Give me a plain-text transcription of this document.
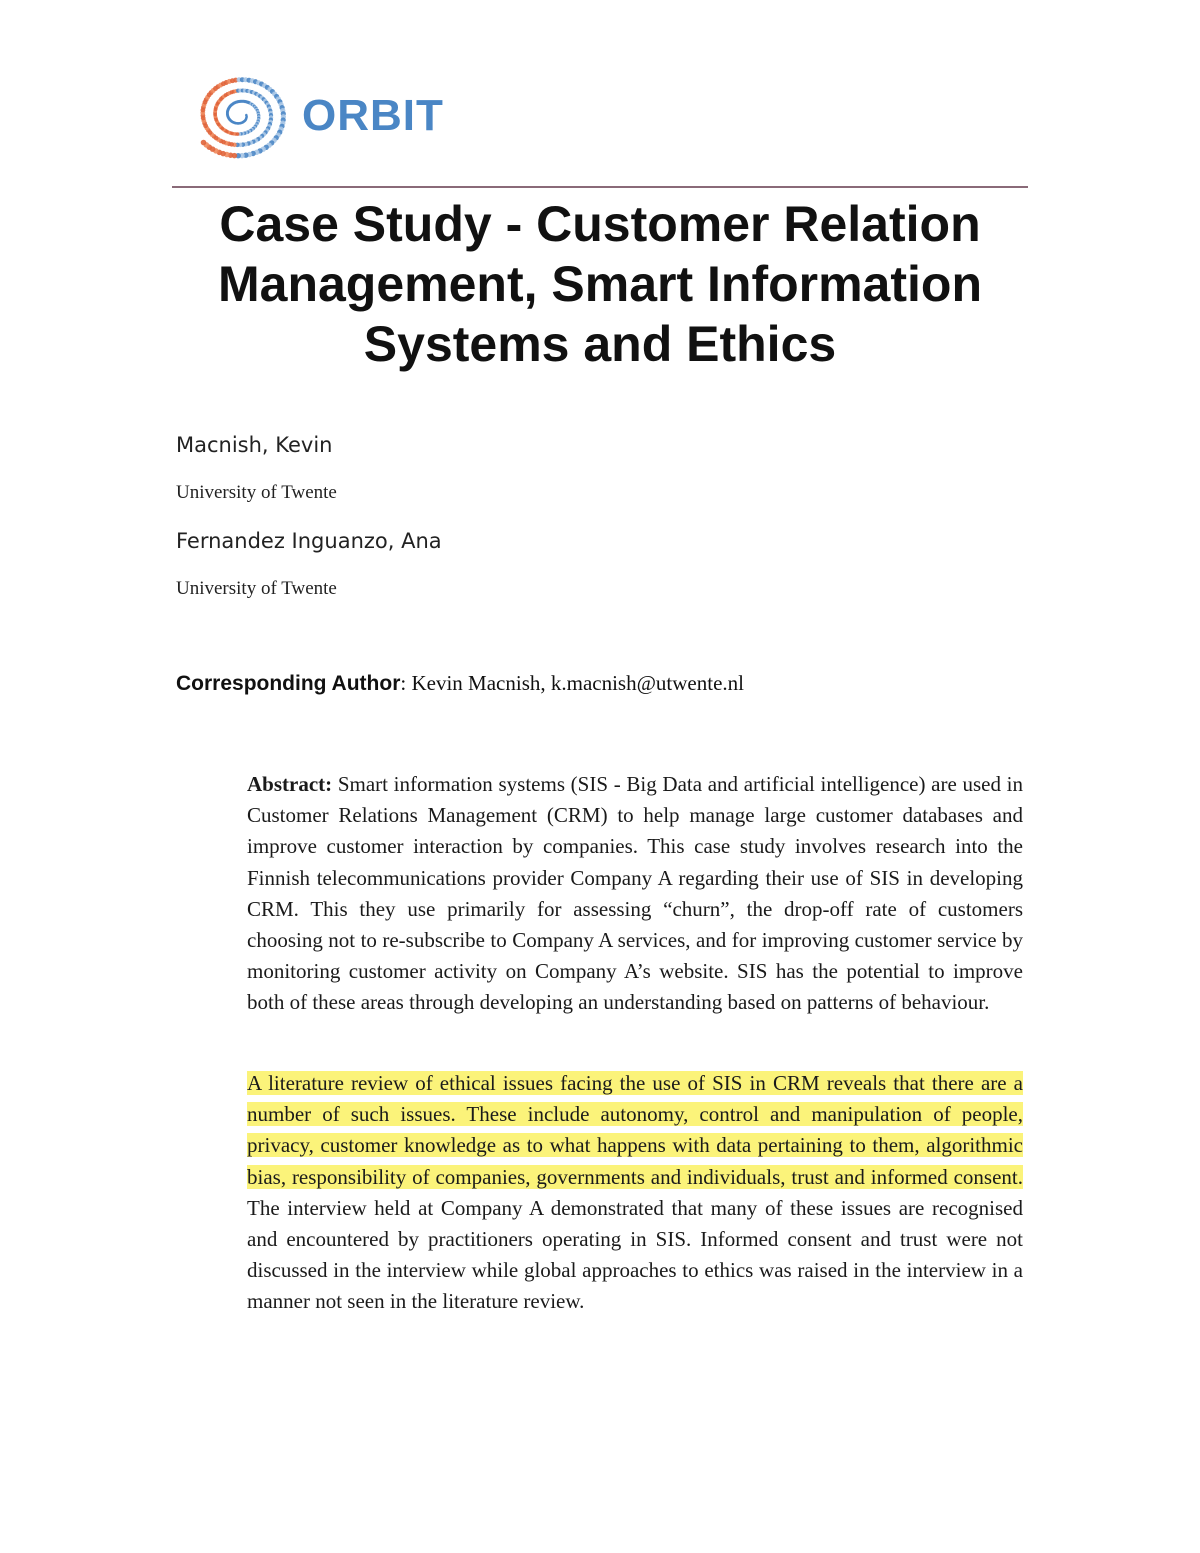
ORBIT
Case Study - Customer Relation Management, Smart Information Systems and Ethics
Macnish, Kevin
University of Twente
Fernandez Inguanzo, Ana
University of Twente
Corresponding Author: Kevin Macnish, k.macnish@utwente.nl

Abstract: Smart information systems (SIS - Big Data and artificial intelligence) are used in Customer Relations Management (CRM) to help manage large customer databases and improve customer interaction by companies. This case study involves research into the Finnish telecommunications provider Company A regarding their use of SIS in developing CRM. This they use primarily for assessing “churn”, the drop-off rate of customers choosing not to re-subscribe to Company A services, and for improving customer service by monitoring customer activity on Company A’s website. SIS has the potential to improve both of these areas through developing an understanding based on patterns of behaviour.

A literature review of ethical issues facing the use of SIS in CRM reveals that there are a number of such issues. These include autonomy, control and manipulation of people, privacy, customer knowledge as to what happens with data pertaining to them, algorithmic bias, responsibility of companies, governments and individuals, trust and informed consent. The interview held at Company A demonstrated that many of these issues are recognised and encountered by practitioners operating in SIS. Informed consent and trust were not discussed in the interview while global approaches to ethics was raised in the interview in a manner not seen in the literature review.
